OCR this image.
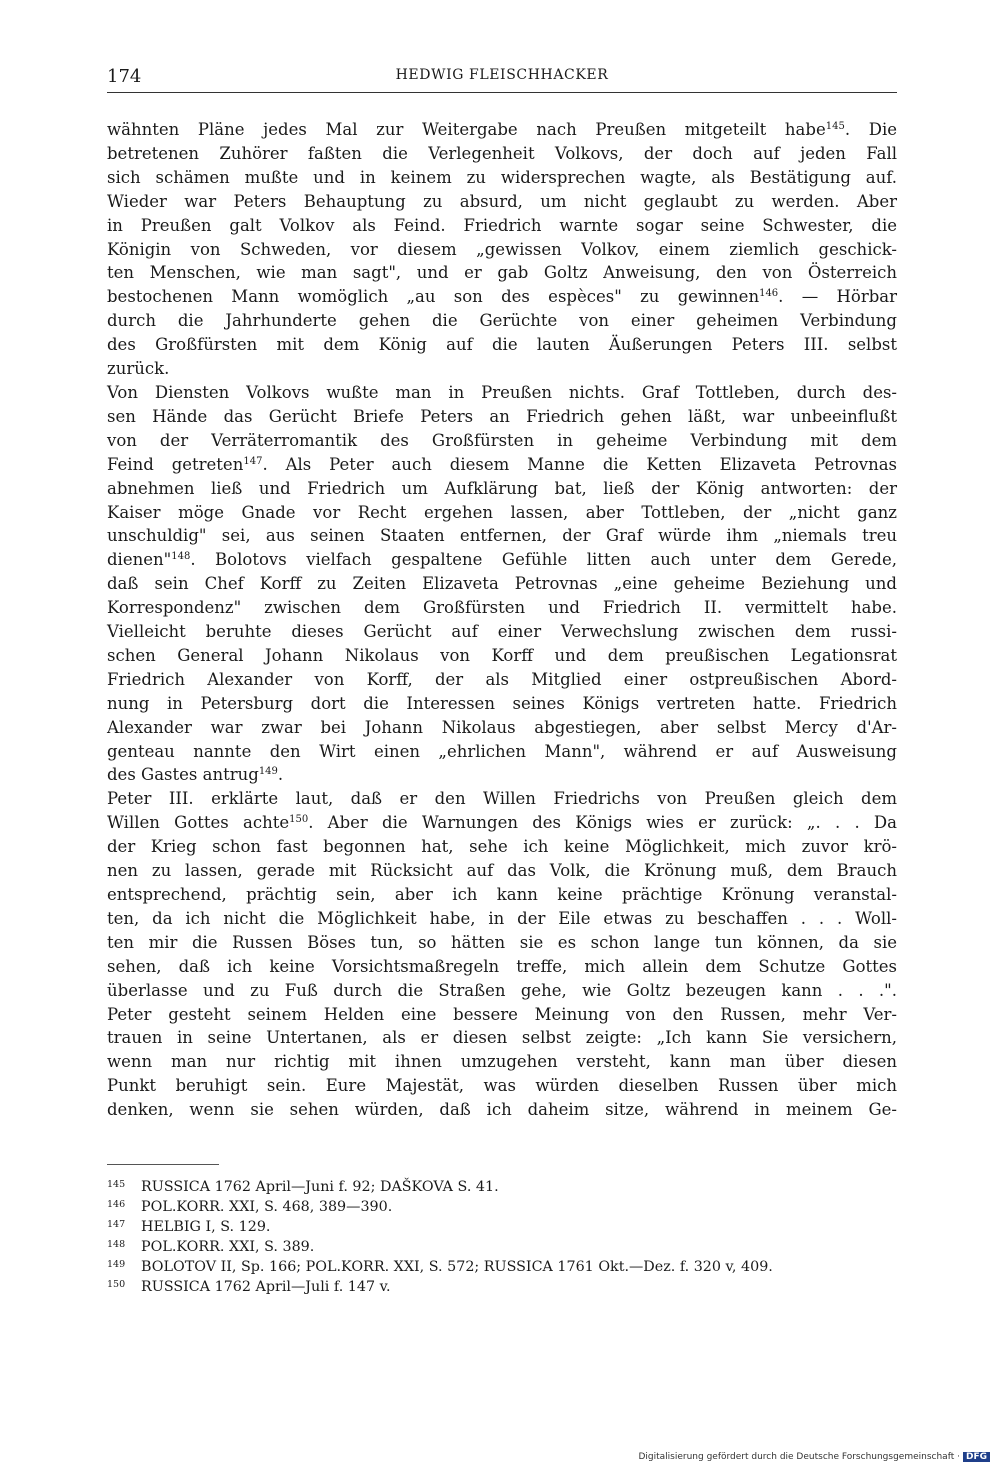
174	HEDWIG FLEISCHHACKER
wähnten Pläne jedes Mal zur Weitergabe nach Preußen mitgeteilt habe$^{145}$. Die
betretenen Zuhörer faßten die Verlegenheit Volkovs, der doch auf jeden Fall
sich schämen mußte und in keinem zu widersprechen wagte, als Bestätigung auf.
Wieder war Peters Behauptung zu absurd, um nicht geglaubt zu werden. Aber
in Preußen galt Volkov als Feind. Friedrich warnte sogar seine Schwester, die
Königin von Schweden, vor diesem „gewissen Volkov, einem ziemlich geschick-
ten Menschen, wie man sagt", und er gab Goltz Anweisung, den von Österreich
bestochenen Mann womöglich „au son des espèces" zu gewinnen$^{146}$. — Hörbar
durch die Jahrhunderte gehen die Gerüchte von einer geheimen Verbindung
des Großfürsten mit dem König auf die lauten Äußerungen Peters III. selbst
zurück.
Von Diensten Volkovs wußte man in Preußen nichts. Graf Tottleben, durch des-
sen Hände das Gerücht Briefe Peters an Friedrich gehen läßt, war unbeeinflußt
von der Verräterromantik des Großfürsten in geheime Verbindung mit dem
Feind getreten$^{147}$. Als Peter auch diesem Manne die Ketten Elizaveta Petrovnas
abnehmen ließ und Friedrich um Aufklärung bat, ließ der König antworten: der
Kaiser möge Gnade vor Recht ergehen lassen, aber Tottleben, der „nicht ganz
unschuldig" sei, aus seinen Staaten entfernen, der Graf würde ihm „niemals treu
dienen"$^{148}$. Bolotovs vielfach gespaltene Gefühle litten auch unter dem Gerede,
daß sein Chef Korff zu Zeiten Elizaveta Petrovnas „eine geheime Beziehung und
Korrespondenz" zwischen dem Großfürsten und Friedrich II. vermittelt habe.
Vielleicht beruhte dieses Gerücht auf einer Verwechslung zwischen dem russi-
schen General Johann Nikolaus von Korff und dem preußischen Legationsrat
Friedrich Alexander von Korff, der als Mitglied einer ostpreußischen Abord-
nung in Petersburg dort die Interessen seines Königs vertreten hatte. Friedrich
Alexander war zwar bei Johann Nikolaus abgestiegen, aber selbst Mercy d'Ar-
genteau nannte den Wirt einen „ehrlichen Mann", während er auf Ausweisung
des Gastes antrug$^{149}$.
Peter III. erklärte laut, daß er den Willen Friedrichs von Preußen gleich dem
Willen Gottes achte$^{150}$. Aber die Warnungen des Königs wies er zurück: „. . . Da
der Krieg schon fast begonnen hat, sehe ich keine Möglichkeit, mich zuvor krö-
nen zu lassen, gerade mit Rücksicht auf das Volk, die Krönung muß, dem Brauch
entsprechend, prächtig sein, aber ich kann keine prächtige Krönung veranstal-
ten, da ich nicht die Möglichkeit habe, in der Eile etwas zu beschaffen . . . Woll-
ten mir die Russen Böses tun, so hätten sie es schon lange tun können, da sie
sehen, daß ich keine Vorsichtsmaßregeln treffe, mich allein dem Schutze Gottes
überlasse und zu Fuß durch die Straßen gehe, wie Goltz bezeugen kann . . .".
Peter gesteht seinem Helden eine bessere Meinung von den Russen, mehr Ver-
trauen in seine Untertanen, als er diesen selbst zeigte: „Ich kann Sie versichern,
wenn man nur richtig mit ihnen umzugehen versteht, kann man über diesen
Punkt beruhigt sein. Eure Majestät, was würden dieselben Russen über mich
denken, wenn sie sehen würden, daß ich daheim sitze, während in meinem Ge-
145 RUSSICA 1762 April—Juni f. 92; DAŠKOVA S. 41.
146 POL.KORR. XXI, S. 468, 389—390.
147 HELBIG I, S. 129.
148 POL.KORR. XXI, S. 389.
149 BOLOTOV II, Sp. 166; POL.KORR. XXI, S. 572; RUSSICA 1761 Okt.—Dez. f. 320 v, 409.
150 RUSSICA 1762 April—Juli f. 147 v.
Digitalisierung gefördert durch die Deutsche Forschungsgemeinschaft · DFG
